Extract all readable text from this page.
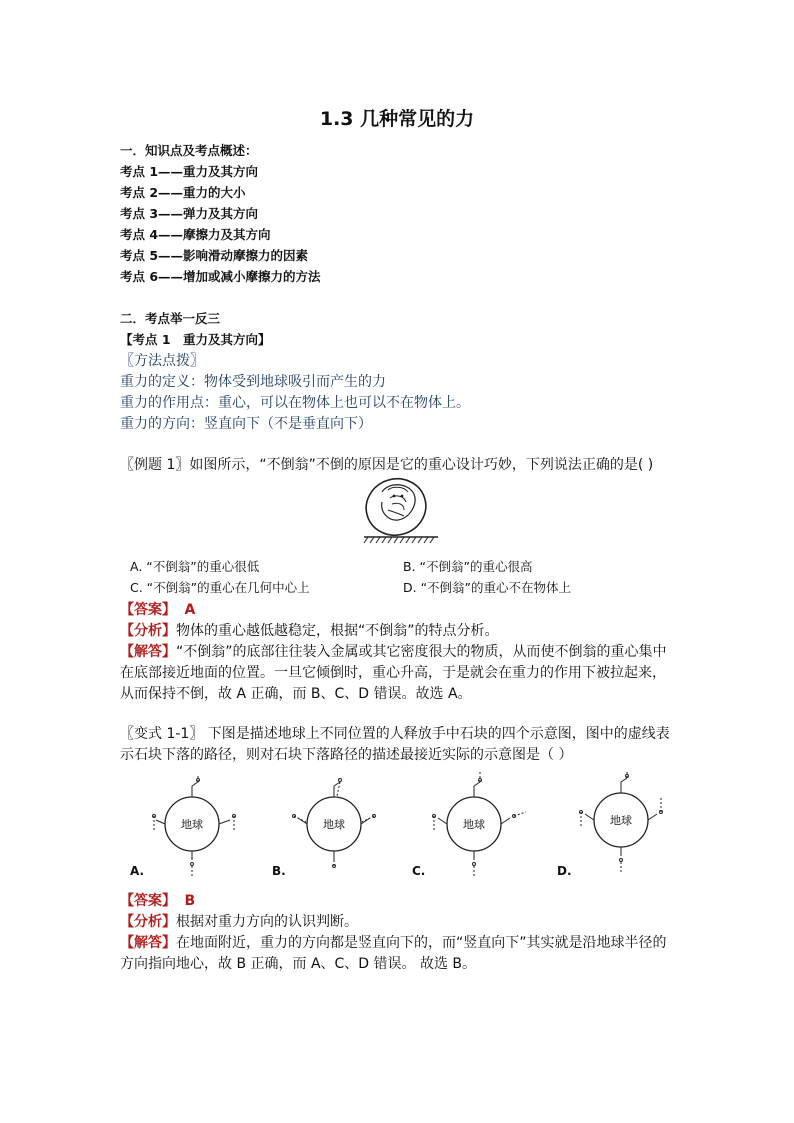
1.3 几种常见的力
一．知识点及考点概述：
考点 1——重力及其方向
考点 2——重力的大小
考点 3——弹力及其方向
考点 4——摩擦力及其方向
考点 5——影响滑动摩擦力的因素
考点 6——增加或减小摩擦力的方法
二．考点举一反三
【考点 1　重力及其方向】
〖方法点拨〗
重力的定义：物体受到地球吸引而产生的力
重力的作用点：重心，可以在物体上也可以不在物体上。
重力的方向：竖直向下（不是垂直向下）
〖例题 1〗如图所示，“不倒翁”不倒的原因是它的重心设计巧妙，下列说法正确的是( )
A. “不倒翁”的重心很低	B. “不倒翁”的重心很高
C. “不倒翁”的重心在几何中心上	D. “不倒翁”的重心不在物体上
【答案】 A
【分析】物体的重心越低越稳定，根据“不倒翁”的特点分析。
【解答】“不倒翁”的底部往往装入金属或其它密度很大的物质，从而使不倒翁的重心集中
在底部接近地面的位置。一旦它倾倒时，重心升高，于是就会在重力的作用下被拉起来，
从而保持不倒，故 A 正确，而 B、C、D 错误。故选 A。
〖变式 1-1〗 下图是描述地球上不同位置的人释放手中石块的四个示意图，图中的虚线表
示石块下落的路径，则对石块下落路径的描述最接近实际的示意图是（ ）
地球
A.
地球
B.
地球
C.
地球
D.
【答案】 B
【分析】根据对重力方向的认识判断。
【解答】在地面附近，重力的方向都是竖直向下的，而“竖直向下”其实就是沿地球半径的
方向指向地心，故 B 正确，而 A、C、D 错误。 故选 B。
